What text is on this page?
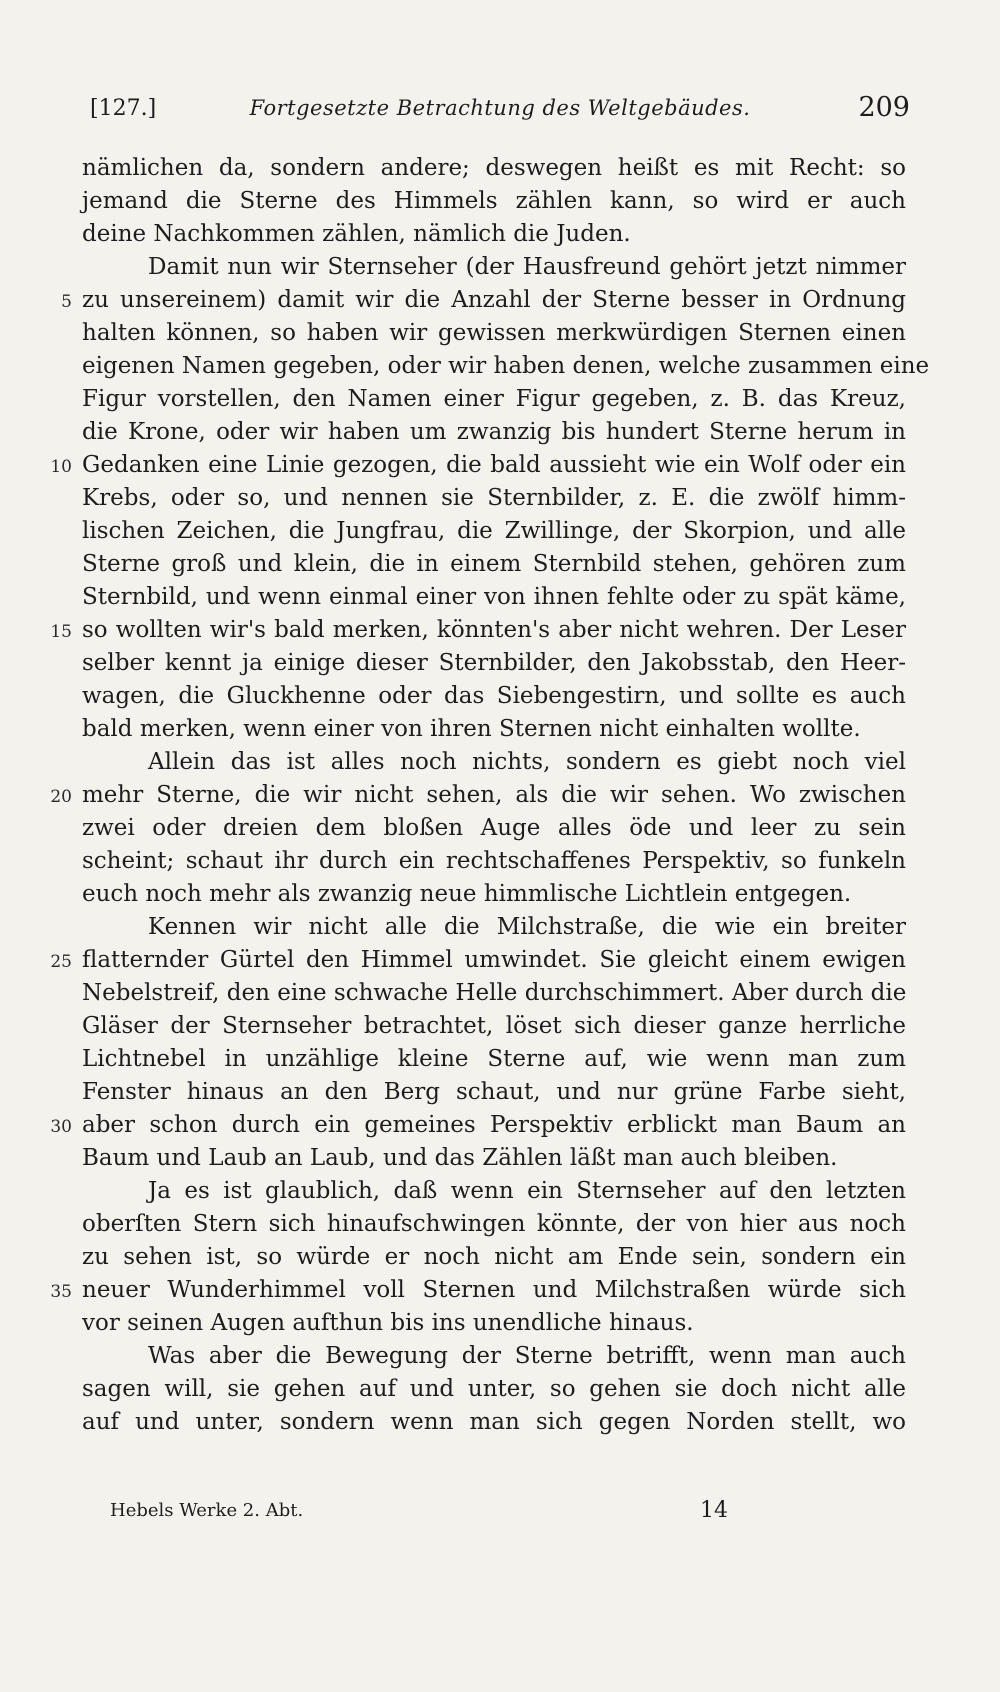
[127.]	Fortgesetzte Betrachtung des Weltgebäudes.	209
nämlichen da, sondern andere; deswegen heißt es mit Recht: so
jemand die Sterne des Himmels zählen kann, so wird er auch
deine Nachkommen zählen, nämlich die Juden.
Damit nun wir Sternseher (der Hausfreund gehört jetzt nimmer
5 zu unsereinem) damit wir die Anzahl der Sterne besser in Ordnung
halten können, so haben wir gewissen merkwürdigen Sternen einen
eigenen Namen gegeben, oder wir haben denen, welche zusammen eine
Figur vorstellen, den Namen einer Figur gegeben, z. B. das Kreuz,
die Krone, oder wir haben um zwanzig bis hundert Sterne herum in
10 Gedanken eine Linie gezogen, die bald aussieht wie ein Wolf oder ein
Krebs, oder so, und nennen sie Sternbilder, z. E. die zwölf himm-
lischen Zeichen, die Jungfrau, die Zwillinge, der Skorpion, und alle
Sterne groß und klein, die in einem Sternbild stehen, gehören zum
Sternbild, und wenn einmal einer von ihnen fehlte oder zu spät käme,
15 so wollten wir's bald merken, könnten's aber nicht wehren. Der Leser
selber kennt ja einige dieser Sternbilder, den Jakobsstab, den Heer-
wagen, die Gluckhenne oder das Siebengestirn, und sollte es auch
bald merken, wenn einer von ihren Sternen nicht einhalten wollte.
Allein das ist alles noch nichts, sondern es giebt noch viel
20 mehr Sterne, die wir nicht sehen, als die wir sehen. Wo zwischen
zwei oder dreien dem bloßen Auge alles öde und leer zu sein
scheint; schaut ihr durch ein rechtschaffenes Perspektiv, so funkeln
euch noch mehr als zwanzig neue himmlische Lichtlein entgegen.
Kennen wir nicht alle die Milchstraße, die wie ein breiter
25 flatternder Gürtel den Himmel umwindet. Sie gleicht einem ewigen
Nebelstreif, den eine schwache Helle durchschimmert. Aber durch die
Gläser der Sternseher betrachtet, löset sich dieser ganze herrliche
Lichtnebel in unzählige kleine Sterne auf, wie wenn man zum
Fenster hinaus an den Berg schaut, und nur grüne Farbe sieht,
30 aber schon durch ein gemeines Perspektiv erblickt man Baum an
Baum und Laub an Laub, und das Zählen läßt man auch bleiben.
Ja es ist glaublich, daß wenn ein Sternseher auf den letzten
oberſten Stern sich hinaufschwingen könnte, der von hier aus noch
zu sehen ist, so würde er noch nicht am Ende sein, sondern ein
35 neuer Wunderhimmel voll Sternen und Milchstraßen würde sich
vor seinen Augen aufthun bis ins unendliche hinaus.
Was aber die Bewegung der Sterne betrifft, wenn man auch
sagen will, sie gehen auf und unter, so gehen sie doch nicht alle
auf und unter, sondern wenn man sich gegen Norden stellt, wo
Hebels Werke 2. Abt.	14
